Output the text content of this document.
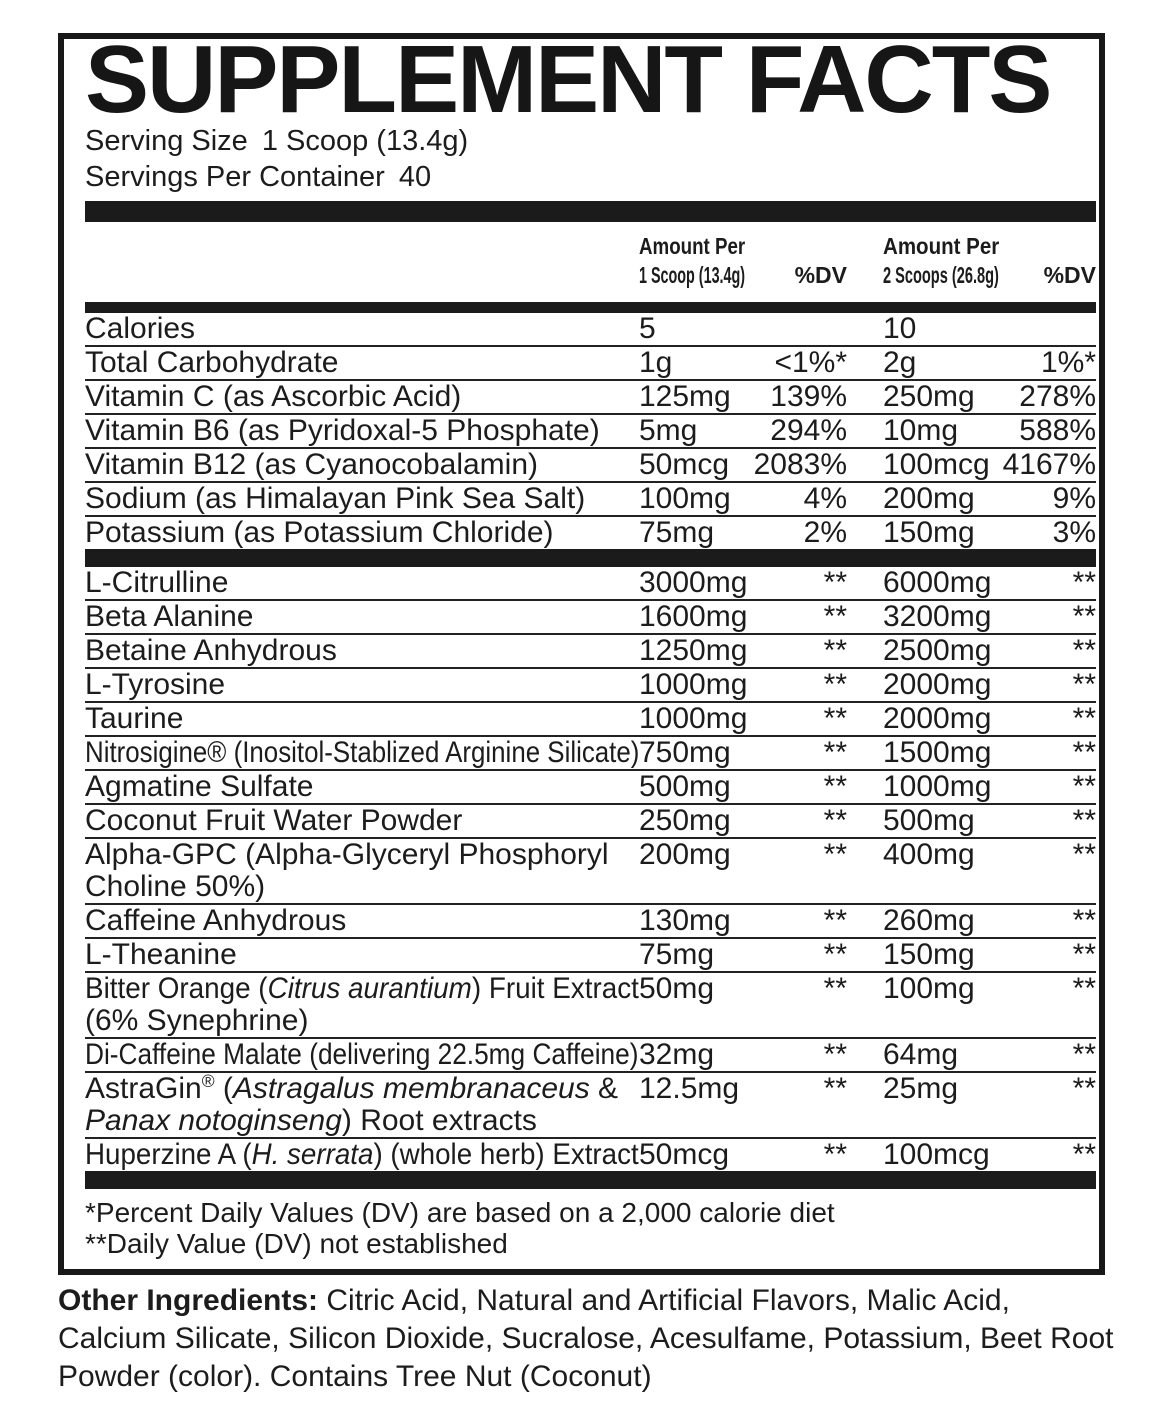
SUPPLEMENT FACTS
Serving Size 1 Scoop (13.4g)
Servings Per Container 40
Amount Per
1 Scoop (13.4g)	%DV
Amount Per
2 Scoops (26.8g)	%DV
Calories	5	10
Total Carbohydrate	1g	<1%*	2g	1%*
Vitamin C (as Ascorbic Acid)	125mg	139%	250mg	278%
Vitamin B6 (as Pyridoxal-5 Phosphate)	5mg	294%	10mg	588%
Vitamin B12 (as Cyanocobalamin)	50mcg 2083%	100mcg 4167%
Sodium (as Himalayan Pink Sea Salt)	100mg	4%	200mg	9%
Potassium (as Potassium Chloride)	75mg	2%	150mg	3%
L-Citrulline	3000mg	**	6000mg	**
Beta Alanine	1600mg	**	3200mg	**
Betaine Anhydrous	1250mg	**	2500mg	**
L-Tyrosine	1000mg	**	2000mg	**
Taurine	1000mg	**	2000mg	**
Nitrosigine® (Inositol-Stablized Arginine Silicate) 750mg	**	1500mg	**
Agmatine Sulfate	500mg	**	1000mg	**
Coconut Fruit Water Powder	250mg	**	500mg	**
Alpha-GPC (Alpha-Glyceryl Phosphoryl
Choline 50%)
200mg	**	400mg	**
Caffeine Anhydrous	130mg	**	260mg	**
L-Theanine	75mg	**	150mg	**
Bitter Orange (Citrus aurantium) Fruit Extract
(6% Synephrine)
50mg	**	100mg	**
Di-Caffeine Malate (delivering 22.5mg Caffeine) 32mg	**	64mg	**
AstraGin® (Astragalus membranaceus &
Panax notoginseng) Root extracts
12.5mg	**	25mg	**
Huperzine A (H. serrata) (whole herb) Extract 50mcg	**	100mcg	**
*Percent Daily Values (DV) are based on a 2,000 calorie diet
**Daily Value (DV) not established

Other Ingredients: Citric Acid, Natural and Artificial Flavors, Malic Acid, Calcium Silicate, Silicon Dioxide, Sucralose, Acesulfame, Potassium, Beet Root Powder (color). Contains Tree Nut (Coconut)
